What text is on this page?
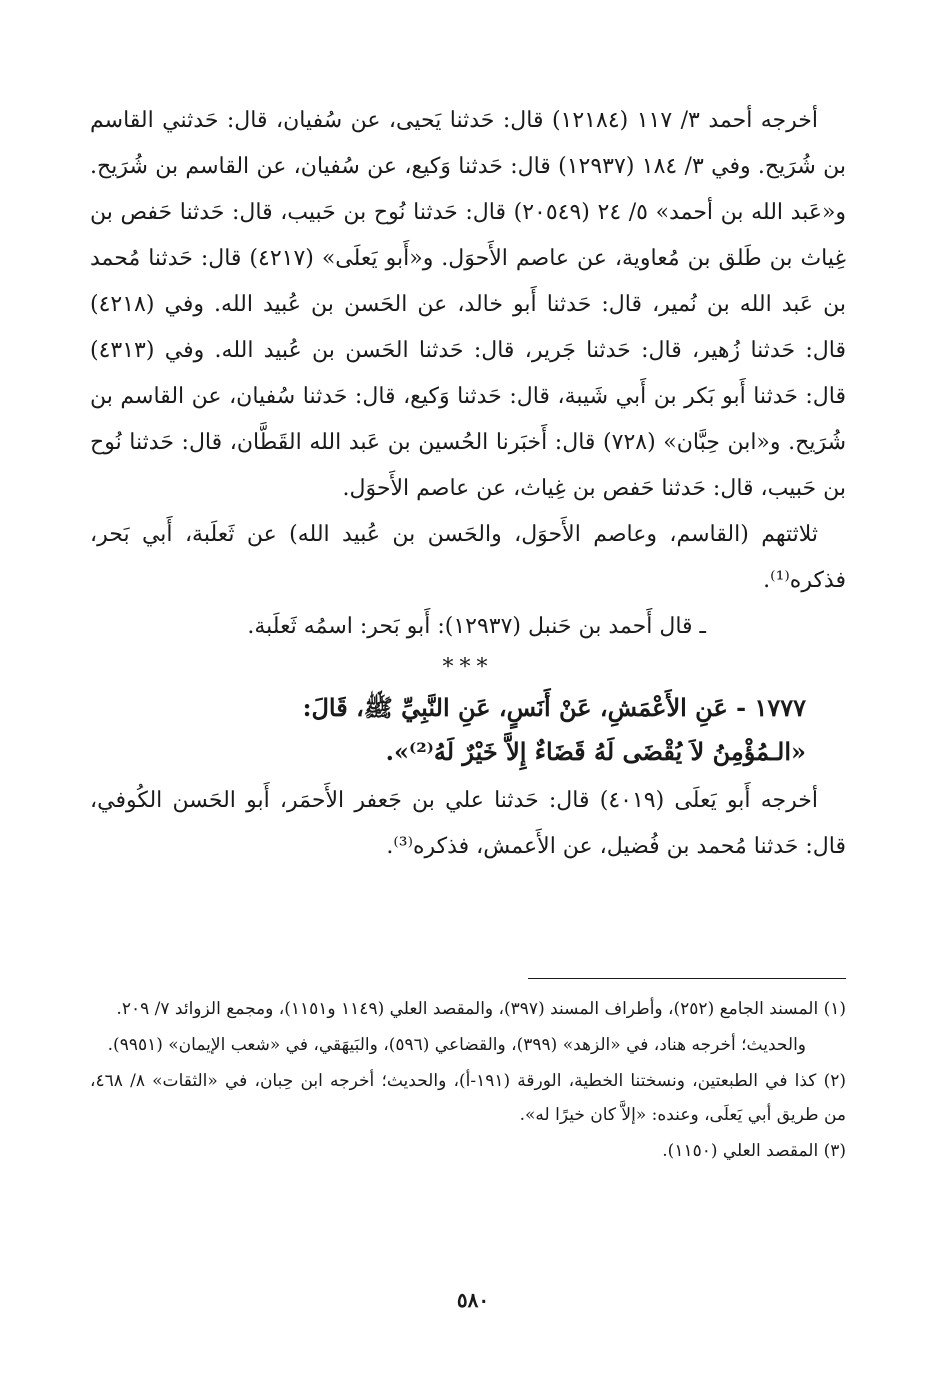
أخرجه أحمد ٣/ ١١٧ (١٢١٨٤) قال: حَدثنا يَحيى، عن سُفيان، قال: حَدثني القاسم بن شُرَيح. وفي ٣/ ١٨٤ (١٢٩٣٧) قال: حَدثنا وَكيع، عن سُفيان، عن القاسم بن شُرَيح. و«عَبد الله بن أحمد» ٥/ ٢٤ (٢٠٥٤٩) قال: حَدثنا نُوح بن حَبيب، قال: حَدثنا حَفص بن غِياث بن طَلق بن مُعاوية، عن عاصم الأَحوَل. و«أَبو يَعلَى» (٤٢١٧) قال: حَدثنا مُحمد بن عَبد الله بن نُمير، قال: حَدثنا أَبو خالد، عن الحَسن بن عُبيد الله. وفي (٤٢١٨) قال: حَدثنا زُهير، قال: حَدثنا جَرير، قال: حَدثنا الحَسن بن عُبيد الله. وفي (٤٣١٣) قال: حَدثنا أَبو بَكر بن أَبي شَيبة، قال: حَدثنا وَكيع، قال: حَدثنا سُفيان، عن القاسم بن شُرَيح. و«ابن حِبَّان» (٧٢٨) قال: أَخبَرنا الحُسين بن عَبد الله القَطَّان، قال: حَدثنا نُوح بن حَبيب، قال: حَدثنا حَفص بن غِياث، عن عاصم الأَحوَل.

ثلاثتهم (القاسم، وعاصم الأَحوَل، والحَسن بن عُبيد الله) عن ثَعلَبة، أَبي بَحر، فذكره⁽¹⁾.

ـ قال أَحمد بن حَنبل (١٢٩٣٧): أَبو بَحر: اسمُه ثَعلَبة.

***

١٧٧٧ - عَنِ الأَعْمَشِ، عَنْ أَنَسٍ، عَنِ النَّبِيِّ ﷺ، قَالَ:

«الـمُؤْمِنُ لاَ يُقْضَى لَهُ قَضَاءٌ إِلاَّ خَيْرٌ لَهُ⁽²⁾».

أخرجه أَبو يَعلَى (٤٠١٩) قال: حَدثنا علي بن جَعفر الأَحمَر، أَبو الحَسن الكُوفي، قال: حَدثنا مُحمد بن فُضيل، عن الأَعمش، فذكره⁽³⁾.

(١) المسند الجامع (٢٥٢)، وأطراف المسند (٣٩٧)، والمقصد العلي (١١٤٩ و١١٥١)، ومجمع الزوائد ٧/ ٢٠٩.

والحديث؛ أخرجه هناد، في «الزهد» (٣٩٩)، والقضاعي (٥٩٦)، والبَيهَقي، في «شعب الإيمان» (٩٩٥١).

(٢) كذا في الطبعتين، ونسختنا الخطية، الورقة (١٩١-أ)، والحديث؛ أخرجه ابن حِبان، في «الثقات» ٨/ ٤٦٨، من طريق أبي يَعلَى، وعنده: «إلاَّ كان خيرًا له».

(٣) المقصد العلي (١١٥٠).

٥٨٠
